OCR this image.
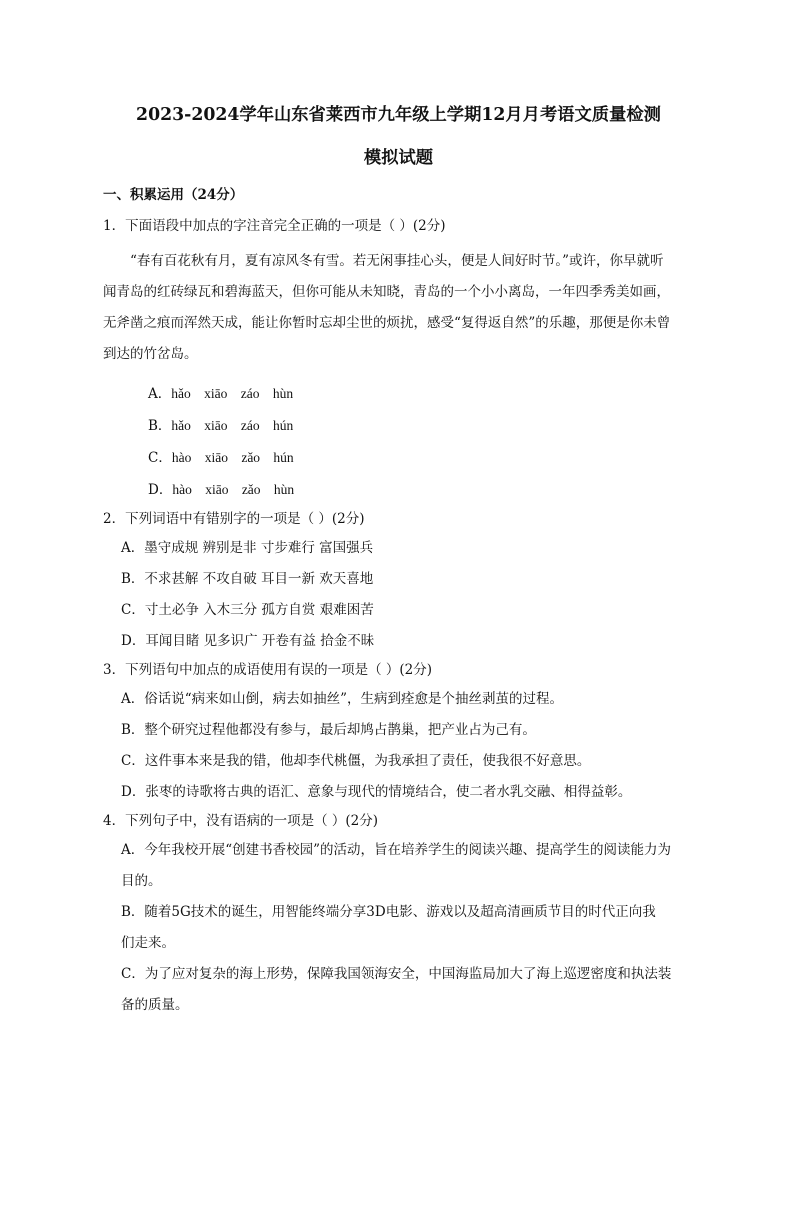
2023-2024学年山东省莱西市九年级上学期12月月考语文质量检测
模拟试题
一、积累运用（24分）
1．下面语段中加点的字注音完全正确的一项是（ ）(2分)
“春有百花秋有月，夏有凉风冬有雪。若无闲事挂心头，便是人间好时节。”或许，你早就听
闻青岛的红砖绿瓦和碧海蓝天，但你可能从未知晓，青岛的一个小小离岛，一年四季秀美如画，
无斧凿之痕而浑然天成，能让你暂时忘却尘世的烦扰，感受“复得返自然”的乐趣，那便是你未曾
到达的竹岔岛。
A．hǎo xiāo záo hùn
B．hǎo xiāo záo hún
C．hào xiāo zǎo hún
D．hào xiāo zǎo hùn
2．下列词语中有错别字的一项是（ ）(2分)
A．墨守成规 辨别是非 寸步难行 富国强兵
B．不求甚解 不攻自破 耳目一新 欢天喜地
C．寸土必争 入木三分 孤方自赏 艰难困苦
D．耳闻目睹 见多识广 开卷有益 拾金不昧
3．下列语句中加点的成语使用有误的一项是（ ）(2分)
A．俗话说“病来如山倒，病去如抽丝”，生病到痊愈是个抽丝剥茧的过程。
B．整个研究过程他都没有参与，最后却鸠占鹊巢，把产业占为己有。
C．这件事本来是我的错，他却李代桃僵，为我承担了责任，使我很不好意思。
D．张枣的诗歌将古典的语汇、意象与现代的情境结合，使二者水乳交融、相得益彰。
4．下列句子中，没有语病的一项是（ ）(2分)
A．今年我校开展“创建书香校园”的活动，旨在培养学生的阅读兴趣、提高学生的阅读能力为
目的。
B．随着5G技术的诞生，用智能终端分享3D电影、游戏以及超高清画质节目的时代正向我
们走来。
C．为了应对复杂的海上形势，保障我国领海安全，中国海监局加大了海上巡逻密度和执法装
备的质量。
